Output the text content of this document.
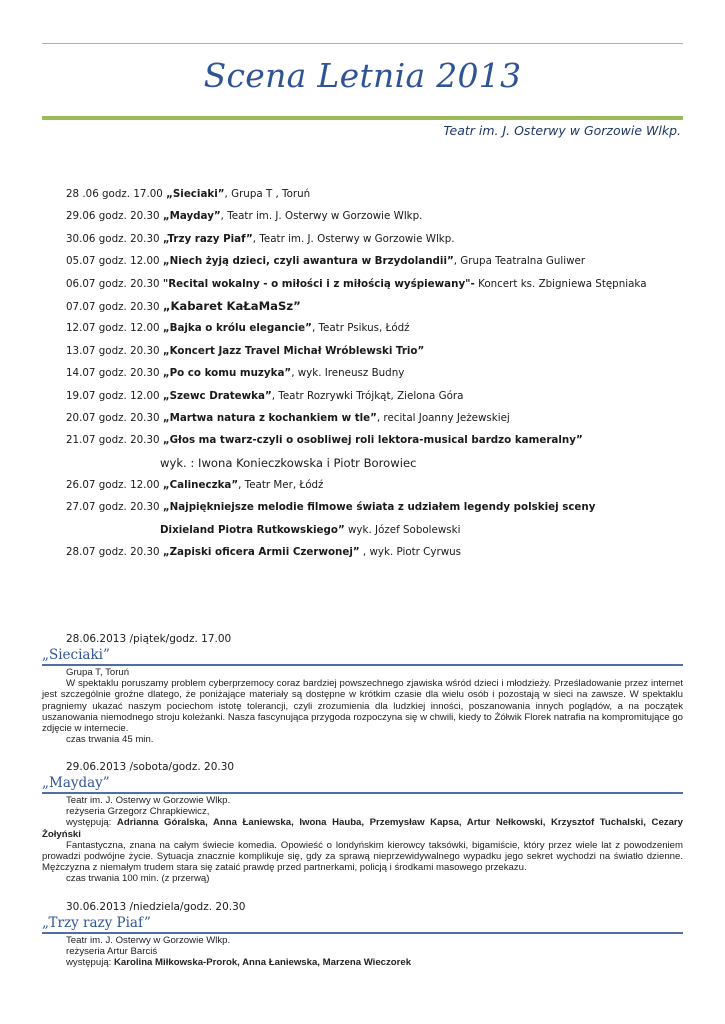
Scena Letnia 2013
Teatr im. J. Osterwy w Gorzowie Wlkp.
28 .06 godz. 17.00 „Sieciaki”, Grupa T , Toruń
29.06 godz. 20.30 „Mayday”, Teatr im. J. Osterwy w Gorzowie Wlkp.
30.06 godz. 20.30 „Trzy razy Piaf”, Teatr im. J. Osterwy w Gorzowie Wlkp.
05.07 godz. 12.00 „Niech żyją dzieci, czyli awantura w Brzydolandii”, Grupa Teatralna Guliwer
06.07 godz. 20.30 "Recital wokalny - o miłości i z miłością wyśpiewany"- Koncert ks. Zbigniewa Stępniaka
07.07 godz. 20.30 „Kabaret KaŁaMaSz”
12.07 godz. 12.00 „Bajka o królu elegancie”, Teatr Psikus, Łódź
13.07 godz. 20.30 „Koncert Jazz Travel Michał Wróblewski Trio”
14.07 godz. 20.30 „Po co komu muzyka”, wyk. Ireneusz Budny
19.07 godz. 12.00 „Szewc Dratewka”, Teatr Rozrywki Trójkąt, Zielona Góra
20.07 godz. 20.30 „Martwa natura z kochankiem w tle”, recital Joanny Jeżewskiej
21.07 godz. 20.30 „Głos ma twarz-czyli o osobliwej roli lektora-musical bardzo kameralny”
wyk. : Iwona Konieczkowska i Piotr Borowiec
26.07 godz. 12.00 „Calineczka”, Teatr Mer, Łódź
27.07 godz. 20.30 „Najpiękniejsze melodie filmowe świata z udziałem legendy polskiej sceny
Dixieland Piotra Rutkowskiego” wyk. Józef Sobolewski
28.07 godz. 20.30 „Zapiski oficera Armii Czerwonej” , wyk. Piotr Cyrwus
28.06.2013 /piątek/godz. 17.00
„Sieciaki”
Grupa T, Toruń

W spektaklu poruszamy problem cyberprzemocy coraz bardziej powszechnego zjawiska wśród dzieci i młodzieży. Prześladowanie przez internet jest szczególnie groźne dlatego, że poniżające materiały są dostępne w krótkim czasie dla wielu osób i pozostają w sieci na zawsze. W spektaklu pragniemy ukazać naszym pociechom istotę tolerancji, czyli zrozumienia dla ludzkiej inności, poszanowania innych poglądów, a na początek uszanowania niemodnego stroju koleżanki. Nasza fascynująca przygoda rozpoczyna się w chwili, kiedy to Żółwik Florek natrafia na kompromitujące go zdjęcie w internecie.

czas trwania 45 min.
29.06.2013 /sobota/godz. 20.30
„Mayday”
Teatr im. J. Osterwy w Gorzowie Wlkp.
reżyseria Grzegorz Chrapkiewicz,

występują: Adrianna Góralska, Anna Łaniewska, Iwona Hauba, Przemysław Kapsa, Artur Nełkowski, Krzysztof Tuchalski, Cezary Żołyński

Fantastyczna, znana na całym świecie komedia. Opowieść o londyńskim kierowcy taksówki, bigamiście, który przez wiele lat z powodzeniem prowadzi podwójne życie. Sytuacja znacznie komplikuje się, gdy za sprawą nieprzewidywalnego wypadku jego sekret wychodzi na światło dzienne. Mężczyzna z niemałym trudem stara się zataić prawdę przed partnerkami, policją i środkami masowego przekazu.

czas trwania 100 min. (z przerwą)
30.06.2013 /niedziela/godz. 20.30
„Trzy razy Piaf”
Teatr im. J. Osterwy w Gorzowie Wlkp.
reżyseria Artur Barciś
występują: Karolina Miłkowska-Prorok, Anna Łaniewska, Marzena Wieczorek
